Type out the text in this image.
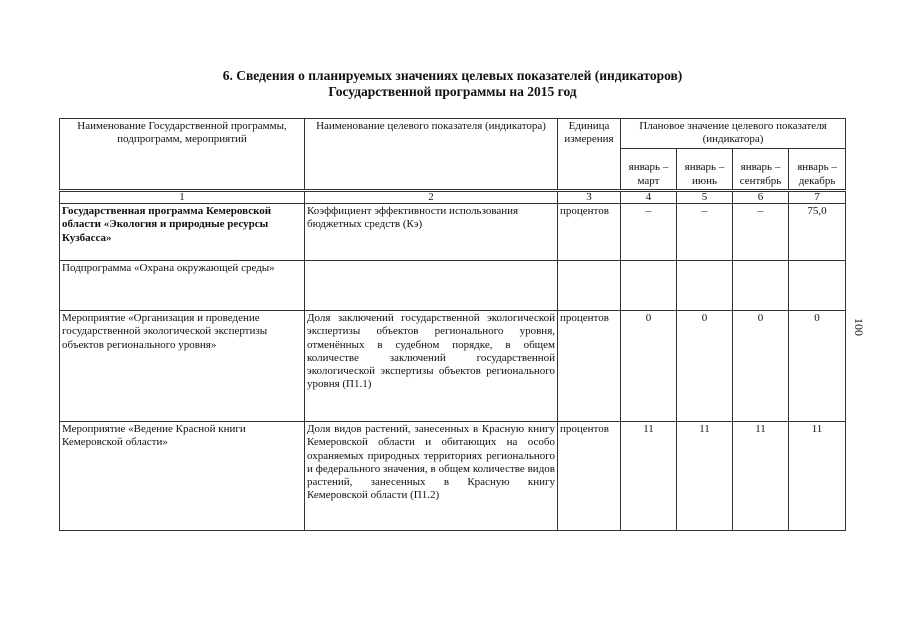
6. Сведения о планируемых значениях целевых показателей (индикаторов)
Государственной программы на 2015 год
Наименование Государственной программы, подпрограмм, мероприятий	Наименование целевого показателя (индикатора)	Единица измерения	Плановое значение целевого показателя (индикатора)			
			январь – март	январь – июнь	январь – сентябрь	январь – декабрь
1	2	3	4	5	6	7
Государственная программа Кемеровской области «Экология и природные ресурсы Кузбасса»	Коэффициент эффективности использования бюджетных средств (Кэ)	процентов	–	–	–	75,0
Подпрограмма «Охрана окружающей среды»						
Мероприятие «Организация и проведение государственной экологической экспертизы объектов регионального уровня»	Доля заключений государственной экологической экспертизы объектов регионального уровня, отменённых в судебном порядке, в общем количестве заключений государственной экологической экспертизы объектов регионального уровня (П1.1)	процентов	0	0	0	0
Мероприятие «Ведение Красной книги Кемеровской области»	Доля видов растений, занесенных в Красную книгу Кемеровской области и обитающих на особо охраняемых природных территориях регионального и федерального значения, в общем количестве видов растений, занесенных в Красную книгу Кемеровской области (П1.2)	процентов	11	11	11	11
100
